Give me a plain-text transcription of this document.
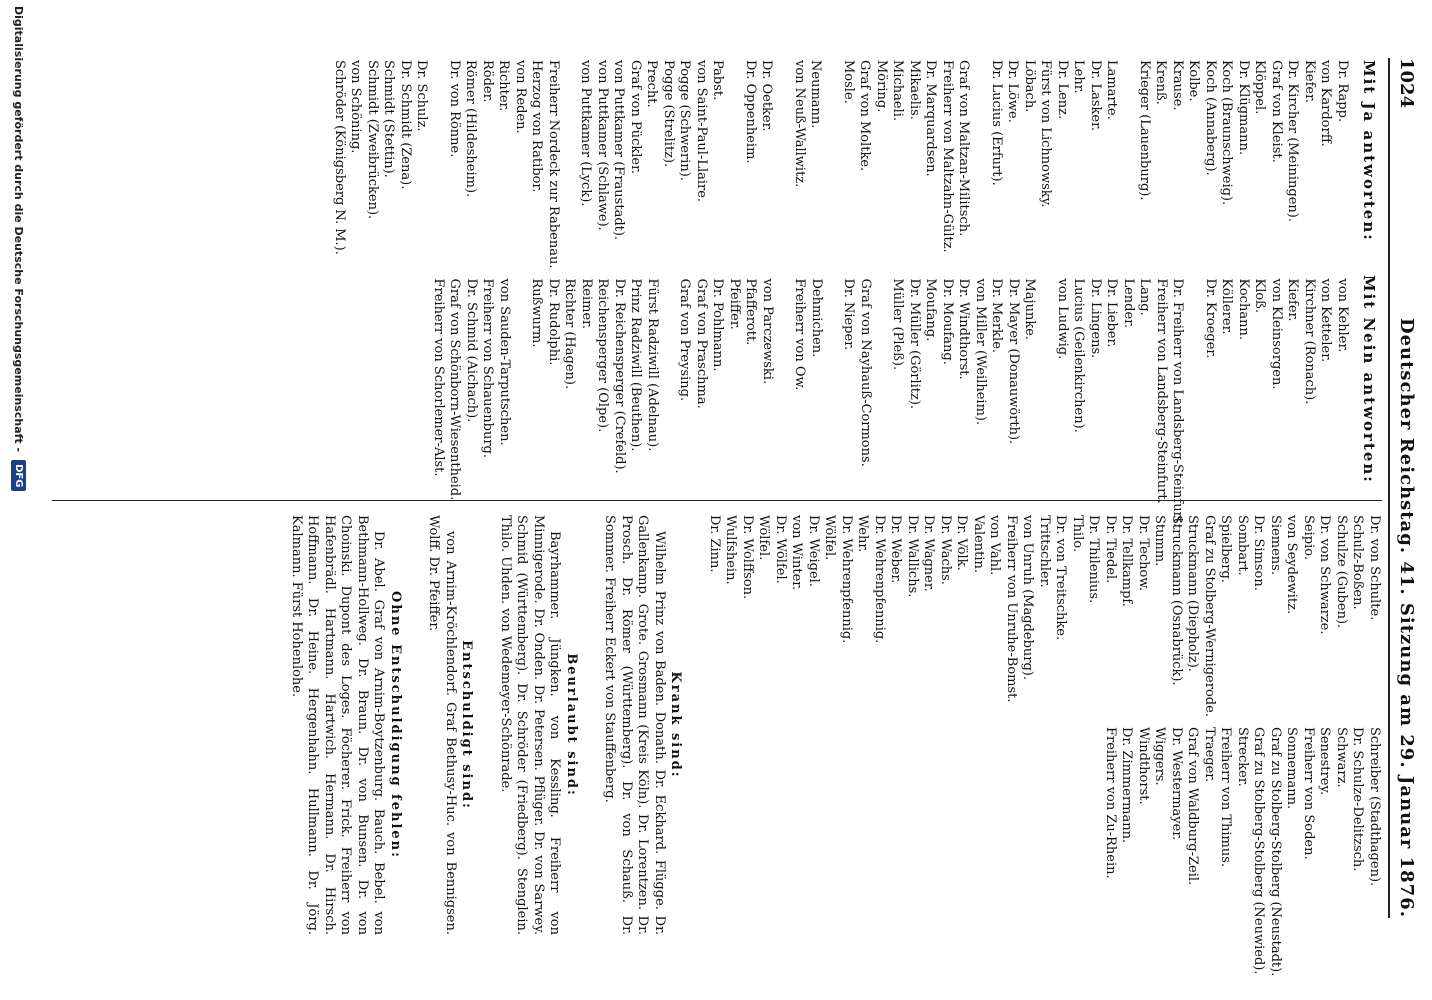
1024
Deutscher Reichstag. 41. Sitzung am 29. Januar 1876.
Mit Ja antworten:
Mit Nein antworten:
Dr. Rapp.
von Kardorff.
Kiefer.
Dr. Kircher (Meiningen).
Graf von Kleist.
Klöppel.
Dr. Klügmann.
Koch (Braunschweig).
Koch (Annaberg).
Kolbe.
Krause.
Krenß.
Krieger (Lauenburg).
Lamarte.
Dr. Lasker.
Lehr.
Dr. Lenz.
Fürst von Lichnowsky.
Löbach.
Dr. Löwe.
Dr. Lucius (Erfurt).
Graf von Maltzan-Militsch.
Freiherr von Maltzahn-Gültz.
Dr. Marquardsen.
Mikaelis.
Michaeli.
Möring.
Graf von Moltke.
Mosle.
Neumann.
von Neuß-Wallwitz.
Dr. Oetker.
Dr. Oppenheim.
Pabst.
von Saint-Paul-Llaire.
Pogge (Schwerin).
Pogge (Strelitz).
Precht.
Graf von Pückler.
von Puttkamer (Fraustadt).
von Puttkamer (Schlawe).
von Puttkamer (Lyck).
Freiherr Nordeck zur Rabenau.
Herzog von Ratibor.
von Reden.
Richter.
Röder.
Römer (Hildesheim).
Dr. von Rönne.
Dr. Schulz.
Dr. Schmidt (Zena).
Schmidt (Stettin).
Schmidt (Zweibrücken).
von Schöning.
Schröder (Königsberg N. M.).
von Kehler.
von Ketteler.
Kirchner (Ronach).
Kiefer.
von Kleinsorgen.
Kloß.
Kochann.
Köllerer.
Dr. Kroeger.
Dr. Freiherr von Landsberg-Steinfurt.
Freiherr von Landsberg-Steinfurt.
Lang.
Lender.
Dr. Lieber.
Dr. Lingens.
Lucius (Geilenkirchen).
von Ludwig.
Majunke.
Dr. Mayer (Donauwörth).
Dr. Merkle.
von Miller (Weilheim).
Dr. Windthorst.
Dr. Moufang.
Moufang.
Dr. Müller (Görlitz).
Müller (Pleß).
Graf von Nayhauß-Cormons.
Dr. Nieper.
Dehmichen.
Freiherr von Ow.
von Parczewski.
Pfafferott.
Pfeiffer.
Dr. Pohlmann.
Graf von Praschma.
Graf von Preysing.
Fürst Radziwill (Adelnau).
Prinz Radziwill (Beuthen).
Dr. Reichensperger (Crefeld).
Reichensperger (Olpe).
Reimer.
Richter (Hagen).
Dr. Rudolphi.
Rußwurm.
von Sauden-Tarputschen.
Freiherr von Schauenburg.
Dr. Schmid (Aichach).
Graf von Schönborn-Wiesentheid.
Freiherr von Schorlemer-Alst.
Dr. von Schulte.
Schulz-Boßen.
Schulze (Guben).
Dr. von Schwarze.
Seipio.
von Seydewitz.
Siemens.
Dr. Simson.
Sombart.
Spielberg.
Graf zu Stolberg-Wernigerode.
Struckmann (Diepholz).
Struckmann (Osnabrück).
Stumm.
Dr. Techow.
Dr. Tellkampf.
Dr. Tiedel.
Dr. Thilenius.
Thilo.
Dr. von Treitschke.
Trittschler.
von Unruh (Magdeburg).
Freiherr von Unruhe-Bomst.
von Vahl.
Valentin.
Dr. Völk.
Dr. Wachs.
Dr. Wagner.
Dr. Wallichs.
Dr. Weber.
Dr. Wehrenpfennig.
Wehr.
Dr. Wehrenpfennig.
Wölfel.
Dr. Weigel.
von Winter.
Dr. Wölfel.
Wölfel.
Dr. Wolffson.
Wulfshein.
Dr. Zinn.
Schreiber (Stadthagen).
Dr. Schulze-Delitzsch.
Schwarz.
Senestrey.
Freiherr von Soden.
Sonnemann.
Graf zu Stolberg-Stolberg (Neustadt).
Graf zu Stolberg-Stolberg (Neuwied).
Strecker.
Freiherr von Thimus.
Traeger.
Graf von Waldburg-Zeil.
Dr. Westermayer.
Wiggers.
Windthorst.
Dr. Zimmermann.
Freiherr von Zu-Rhein.
Krank sind:

Wilhelm Prinz von Baden. Donath. Dr. Eckhard. Flügge. Dr. Gallenkamp. Grote. Grosmann (Kreis Köln). Dr. Lorentzen. Dr. Prosch. Dr. Römer (Württemberg). Dr. von Schauß. Dr. Sommer. Freiherr Eckert von Stauffenberg.

Beurlaubt sind:

Bayrhammer. Jüngken. von Kessling. Freiherr von Minnigerode. Dr. Onden. Dr. Petersen. Pflüger. Dr. von Sarwey. Schmid (Württemberg). Dr. Schröder (Friedberg). Stenglein. Thilo. Uhden. von Wedemeyer-Schönrade.

Entschuldigt sind:

von Arnim-Kröchlendorf. Graf Bethusy-Huc. von Bennigsen. Wolff. Dr. Pfeiffer.

Ohne Entschuldigung fehlen:

Dr. Abel. Graf von Arnim-Boytzenburg. Bauch. Bebel. von Bethmann-Hollweg. Dr. Braun. Dr. von Bunsen. Dr. von Choinski. Dupont des Loges. Föcherer. Frick. Freiherr von Hafenbrädl. Hartmann. Hartwich. Hermann. Dr. Hirsch. Hoffmann. Dr. Heine. Hergenhahn. Hullmann. Dr. Jörg. Kalmann. Fürst Hohenlohe.

Digitalisierung gefördert durch die Deutsche Forschungsgemeinschaft -
DFG
